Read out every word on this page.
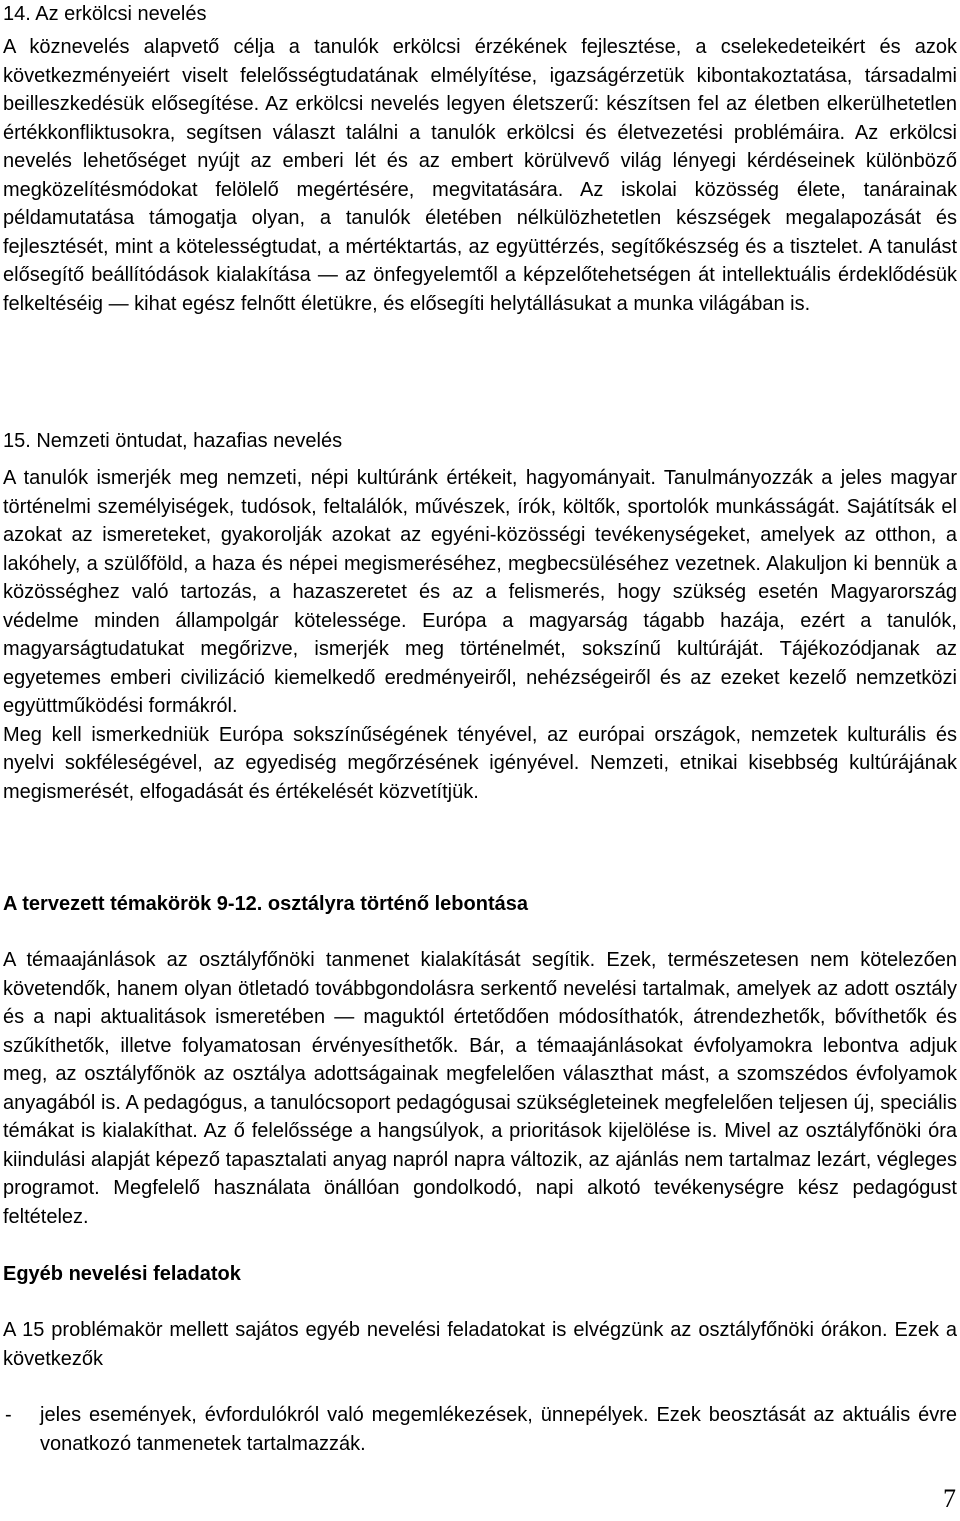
14. Az erkölcsi nevelés

A köznevelés alapvető célja a tanulók erkölcsi érzékének fejlesztése, a cselekedeteikért és azok következményeiért viselt felelősségtudatának elmélyítése, igazságérzetük kibontakoztatása, társadalmi beilleszkedésük elősegítése. Az erkölcsi nevelés legyen életszerű: készítsen fel az életben elkerülhetetlen értékkonfliktusokra, segítsen választ találni a tanulók erkölcsi és életvezetési problémáira. Az erkölcsi nevelés lehetőséget nyújt az emberi lét és az embert körülvevő világ lényegi kérdéseinek különböző megközelítésmódokat felölelő megértésére, megvitatására. Az iskolai közösség élete, tanárainak példamutatása támogatja olyan, a tanulók életében nélkülözhetetlen készségek megalapozását és fejlesztését, mint a kötelességtudat, a mértéktartás, az együttérzés, segítőkészség és a tisztelet. A tanulást elősegítő beállítódások kialakítása — az önfegyelemtől a képzelőtehetségen át intellektuális érdeklődésük felkeltéséig — kihat egész felnőtt életükre, és elősegíti helytállásukat a munka világában is.

15. Nemzeti öntudat, hazafias nevelés

A tanulók ismerjék meg nemzeti, népi kultúránk értékeit, hagyományait. Tanulmányozzák a jeles magyar történelmi személyiségek, tudósok, feltalálók, művészek, írók, költők, sportolók munkásságát. Sajátítsák el azokat az ismereteket, gyakorolják azokat az egyéni-közösségi tevékenységeket, amelyek az otthon, a lakóhely, a szülőföld, a haza és népei megismeréséhez, megbecsüléséhez vezetnek. Alakuljon ki bennük a közösséghez való tartozás, a hazaszeretet és az a felismerés, hogy szükség esetén Magyarország védelme minden állampolgár kötelessége. Európa a magyarság tágabb hazája, ezért a tanulók, magyarságtudatukat megőrizve, ismerjék meg történelmét, sokszínű kultúráját. Tájékozódjanak az egyetemes emberi civilizáció kiemelkedő eredményeiről, nehézségeiről és az ezeket kezelő nemzetközi együttműködési formákról.

Meg kell ismerkedniük Európa sokszínűségének tényével, az európai országok, nemzetek kulturális és nyelvi sokféleségével, az egyediség megőrzésének igényével. Nemzeti, etnikai kisebbség kultúrájának megismerését, elfogadását és értékelését közvetítjük.

A tervezett témakörök 9-12. osztályra történő lebontása

A témaajánlások az osztályfőnöki tanmenet kialakítását segítik. Ezek, természetesen nem kötelezően követendők, hanem olyan ötletadó továbbgondolásra serkentő nevelési tartalmak, amelyek az adott osztály és a napi aktualitások ismeretében — maguktól értetődően módosíthatók, átrendezhetők, bővíthetők és szűkíthetők, illetve folyamatosan érvényesíthetők. Bár, a témaajánlásokat évfolyamokra lebontva adjuk meg, az osztályfőnök az osztálya adottságainak megfelelően választhat mást, a szomszédos évfolyamok anyagából is. A pedagógus, a tanulócsoport pedagógusai szükségleteinek megfelelően teljesen új, speciális témákat is kialakíthat. Az ő felelőssége a hangsúlyok, a prioritások kijelölése is. Mivel az osztályfőnöki óra kiindulási alapját képező tapasztalati anyag napról napra változik, az ajánlás nem tartalmaz lezárt, végleges programot. Megfelelő használata önállóan gondolkodó, napi alkotó tevékenységre kész pedagógust feltételez.

Egyéb nevelési feladatok

A 15 problémakör mellett sajátos egyéb nevelési feladatokat is elvégzünk az osztályfőnöki órákon. Ezek a következők

- jeles események, évfordulókról való megemlékezések, ünnepélyek. Ezek beosztását az aktuális évre vonatkozó tanmenetek tartalmazzák.
7
